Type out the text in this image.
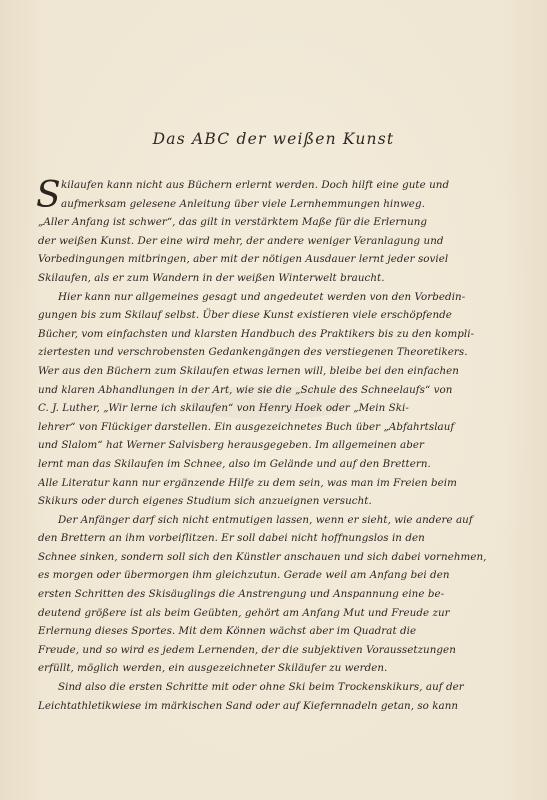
Das ABC der weißen Kunst
S kilaufen kann nicht aus Büchern erlernt werden. Doch hilft eine gute und
aufmerksam gelesene Anleitung über viele Lernhemmungen hinweg.
„Aller Anfang ist schwer“, das gilt in verstärktem Maße für die Erlernung
der weißen Kunst. Der eine wird mehr, der andere weniger Veranlagung und
Vorbedingungen mitbringen, aber mit der nötigen Ausdauer lernt jeder soviel
Skilaufen, als er zum Wandern in der weißen Winterwelt braucht.
Hier kann nur allgemeines gesagt und angedeutet werden von den Vorbedin-
gungen bis zum Skilauf selbst. Über diese Kunst existieren viele erschöpfende
Bücher, vom einfachsten und klarsten Handbuch des Praktikers bis zu den kompli-
ziertesten und verschrobensten Gedankengängen des verstiegenen Theoretikers.
Wer aus den Büchern zum Skilaufen etwas lernen will, bleibe bei den einfachen
und klaren Abhandlungen in der Art, wie sie die „Schule des Schneelaufs“ von
C. J. Luther, „Wir lerne ich skilaufen“ von Henry Hoek oder „Mein Ski-
lehrer“ von Flückiger darstellen. Ein ausgezeichnetes Buch über „Abfahrtslauf
und Slalom“ hat Werner Salvisberg herausgegeben. Im allgemeinen aber
lernt man das Skilaufen im Schnee, also im Gelände und auf den Brettern.
Alle Literatur kann nur ergänzende Hilfe zu dem sein, was man im Freien beim
Skikurs oder durch eigenes Studium sich anzueignen versucht.
Der Anfänger darf sich nicht entmutigen lassen, wenn er sieht, wie andere auf
den Brettern an ihm vorbeiflitzen. Er soll dabei nicht hoffnungslos in den
Schnee sinken, sondern soll sich den Künstler anschauen und sich dabei vornehmen,
es morgen oder übermorgen ihm gleichzutun. Gerade weil am Anfang bei den
ersten Schritten des Skisäuglings die Anstrengung und Anspannung eine be-
deutend größere ist als beim Geübten, gehört am Anfang Mut und Freude zur
Erlernung dieses Sportes. Mit dem Können wächst aber im Quadrat die
Freude, und so wird es jedem Lernenden, der die subjektiven Voraussetzungen
erfüllt, möglich werden, ein ausgezeichneter Skiläufer zu werden.
Sind also die ersten Schritte mit oder ohne Ski beim Trockenskikurs, auf der
Leichtathletikwiese im märkischen Sand oder auf Kiefernnadeln getan, so kann
